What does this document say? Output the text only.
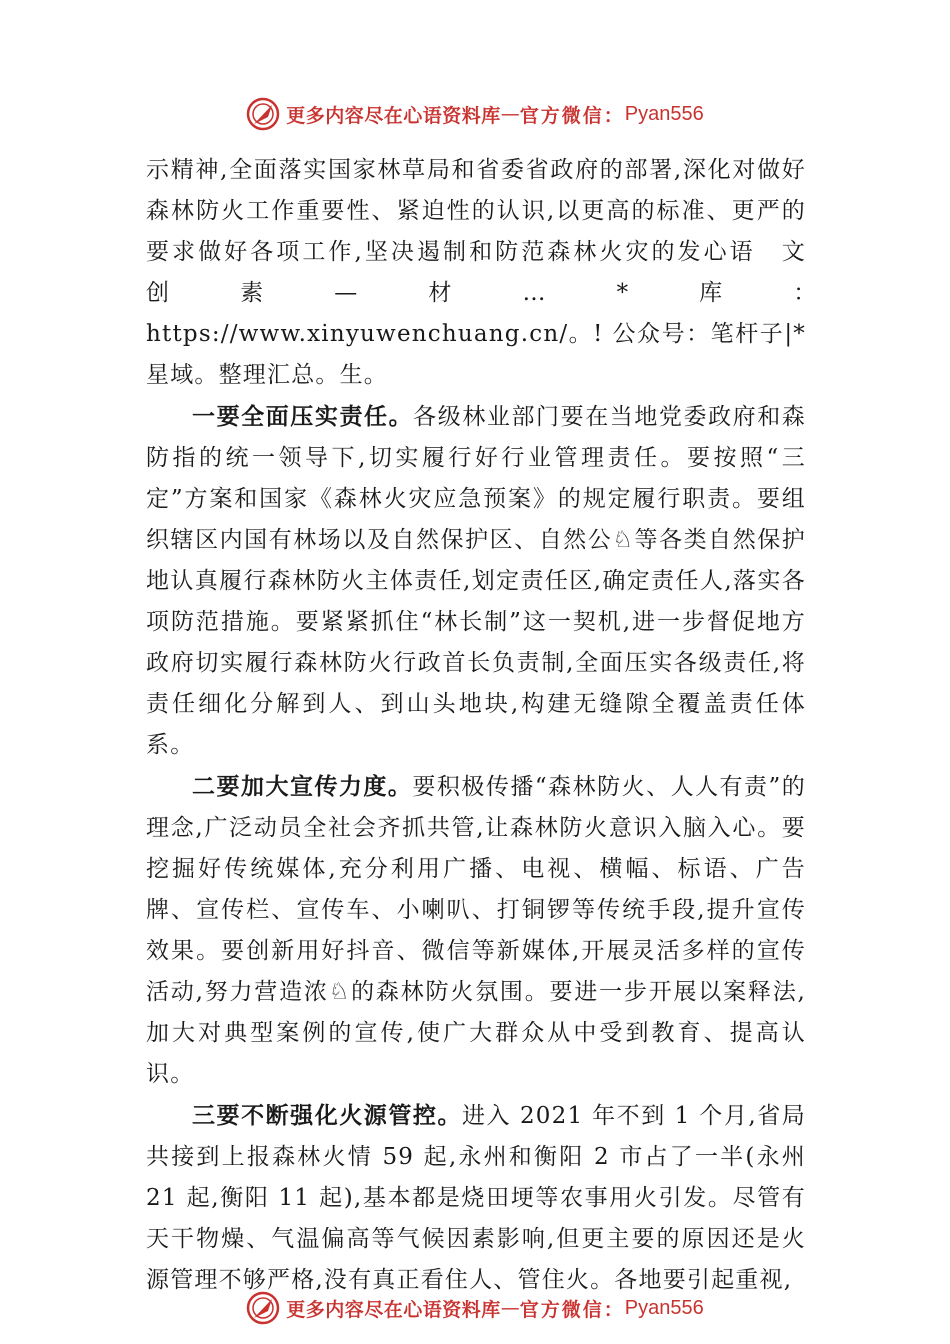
更多内容尽在心语资料库 — 官方微信： Pyan556

示精神,全面落实国家林草局和省委省政府的部署,深化对做好森林防火工作重要性、紧迫性的认识,以更高的标准、更严的要求做好各项工作,坚决遏制和防范森林火灾的发心语　文　创　素　—　材　…　*　库　：　https://www.xinyuwenchuang.cn/。! 公众号：笔杆子|*星域。整理汇总。生。

一要全面压实责任。各级林业部门要在当地党委政府和森防指的统一领导下,切实履行好行业管理责任。要按照“三定”方案和国家《森林火灾应急预案》的规定履行职责。要组织辖区内国有林场以及自然保护区、自然公♘等各类自然保护地认真履行森林防火主体责任,划定责任区,确定责任人,落实各项防范措施。要紧紧抓住“林长制”这一契机,进一步督促地方政府切实履行森林防火行政首长负责制,全面压实各级责任,将责任细化分解到人、到山头地块,构建无缝隙全覆盖责任体系。

二要加大宣传力度。要积极传播“森林防火、人人有责”的理念,广泛动员全社会齐抓共管,让森林防火意识入脑入心。要挖掘好传统媒体,充分利用广播、电视、横幅、标语、广告牌、宣传栏、宣传车、小喇叭、打铜锣等传统手段,提升宣传 效果。要创新用好抖音、微信等新媒体,开展灵活多样的宣传 活动,努力营造浓♘的森林防火氛围。要进一步开展以案释法,加大对典型案例的宣传,使广大群众从中受到教育、提高认识。

三要不断强化火源管控。进入 2021 年不到 1 个月,省局共接到上报森林火情 59 起,永州和衡阳 2 市占了一半(永州 21 起,衡阳 11 起),基本都是烧田埂等农事用火引发。尽管有天干物燥、气温偏高等气候因素影响,但更主要的原因还是火源管理不够严格,没有真正看住人、管住火。各地要引起重视,

更多内容尽在心语资料库 — 官方微信： Pyan556
